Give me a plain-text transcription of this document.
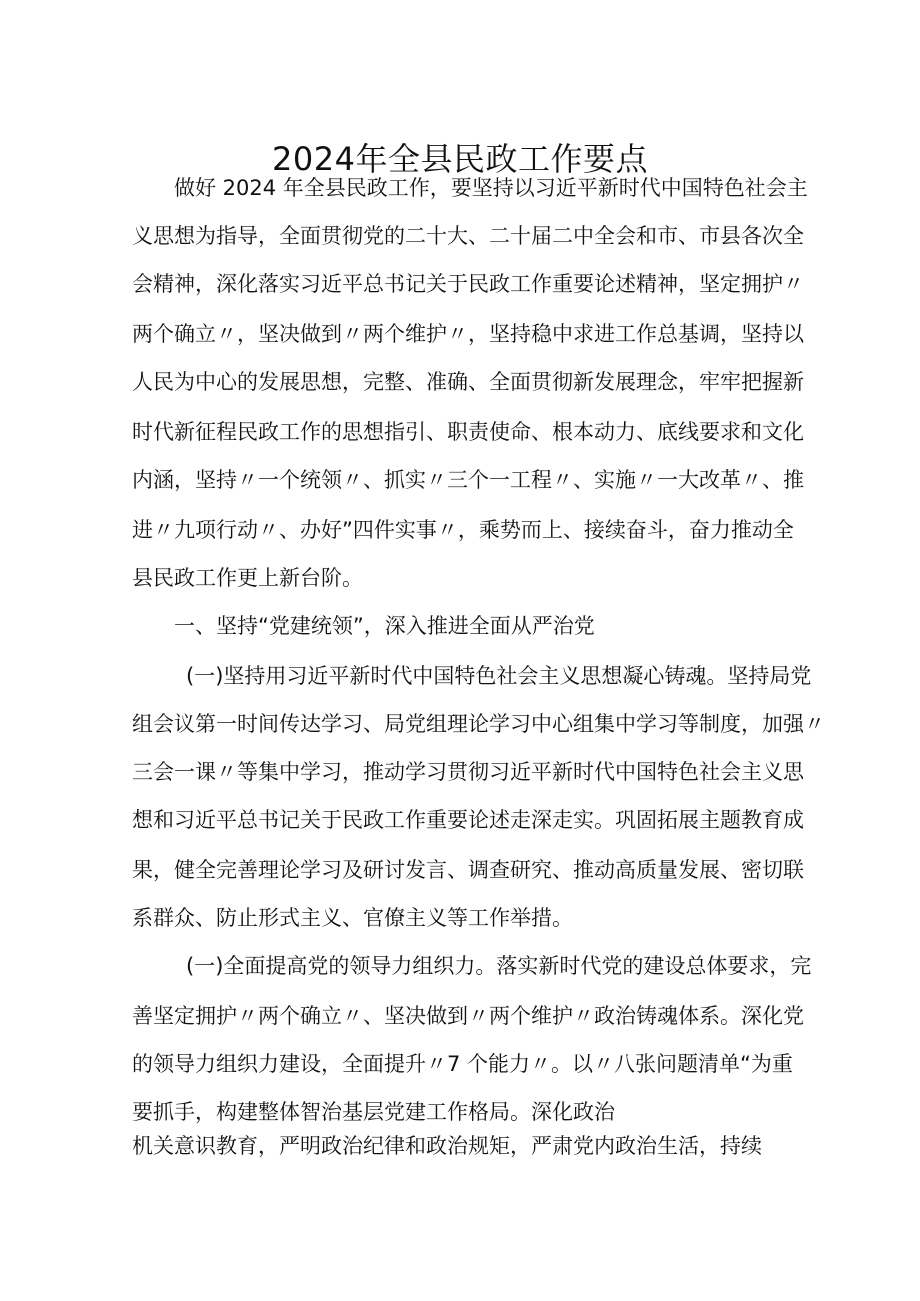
2024年全县民政工作要点
做好 2024 年全县民政工作，要坚持以习近平新时代中国特色社会主
义思想为指导，全面贯彻党的二十大、二十届二中全会和市、市县各次全
会精神，深化落实习近平总书记关于民政工作重要论述精神，坚定拥护〃
两个确立〃，坚决做到〃两个维护〃，坚持稳中求进工作总基调，坚持以
人民为中心的发展思想，完整、准确、全面贯彻新发展理念，牢牢把握新
时代新征程民政工作的思想指引、职责使命、根本动力、底线要求和文化
内涵，坚持〃一个统领〃、抓实〃三个一工程〃、实施〃一大改革〃、推
进〃九项行动〃、办好”四件实事〃，乘势而上、接续奋斗，奋力推动全
县民政工作更上新台阶。
一、坚持“党建统领”，深入推进全面从严治党
(一)坚持用习近平新时代中国特色社会主义思想凝心铸魂。坚持局党
组会议第一时间传达学习、局党组理论学习中心组集中学习等制度，加强〃
三会一课〃等集中学习，推动学习贯彻习近平新时代中国特色社会主义思
想和习近平总书记关于民政工作重要论述走深走实。巩固拓展主题教育成
果，健全完善理论学习及研讨发言、调查研究、推动高质量发展、密切联
系群众、防止形式主义、官僚主义等工作举措。
(一)全面提高党的领导力组织力。落实新时代党的建设总体要求，完
善坚定拥护〃两个确立〃、坚决做到〃两个维护〃政治铸魂体系。深化党
的领导力组织力建设，全面提升〃7 个能力〃。以〃八张问题清单“为重
要抓手，构建整体智治基层党建工作格局。深化政治
机关意识教育，严明政治纪律和政治规矩，严肃党内政治生活，持续
